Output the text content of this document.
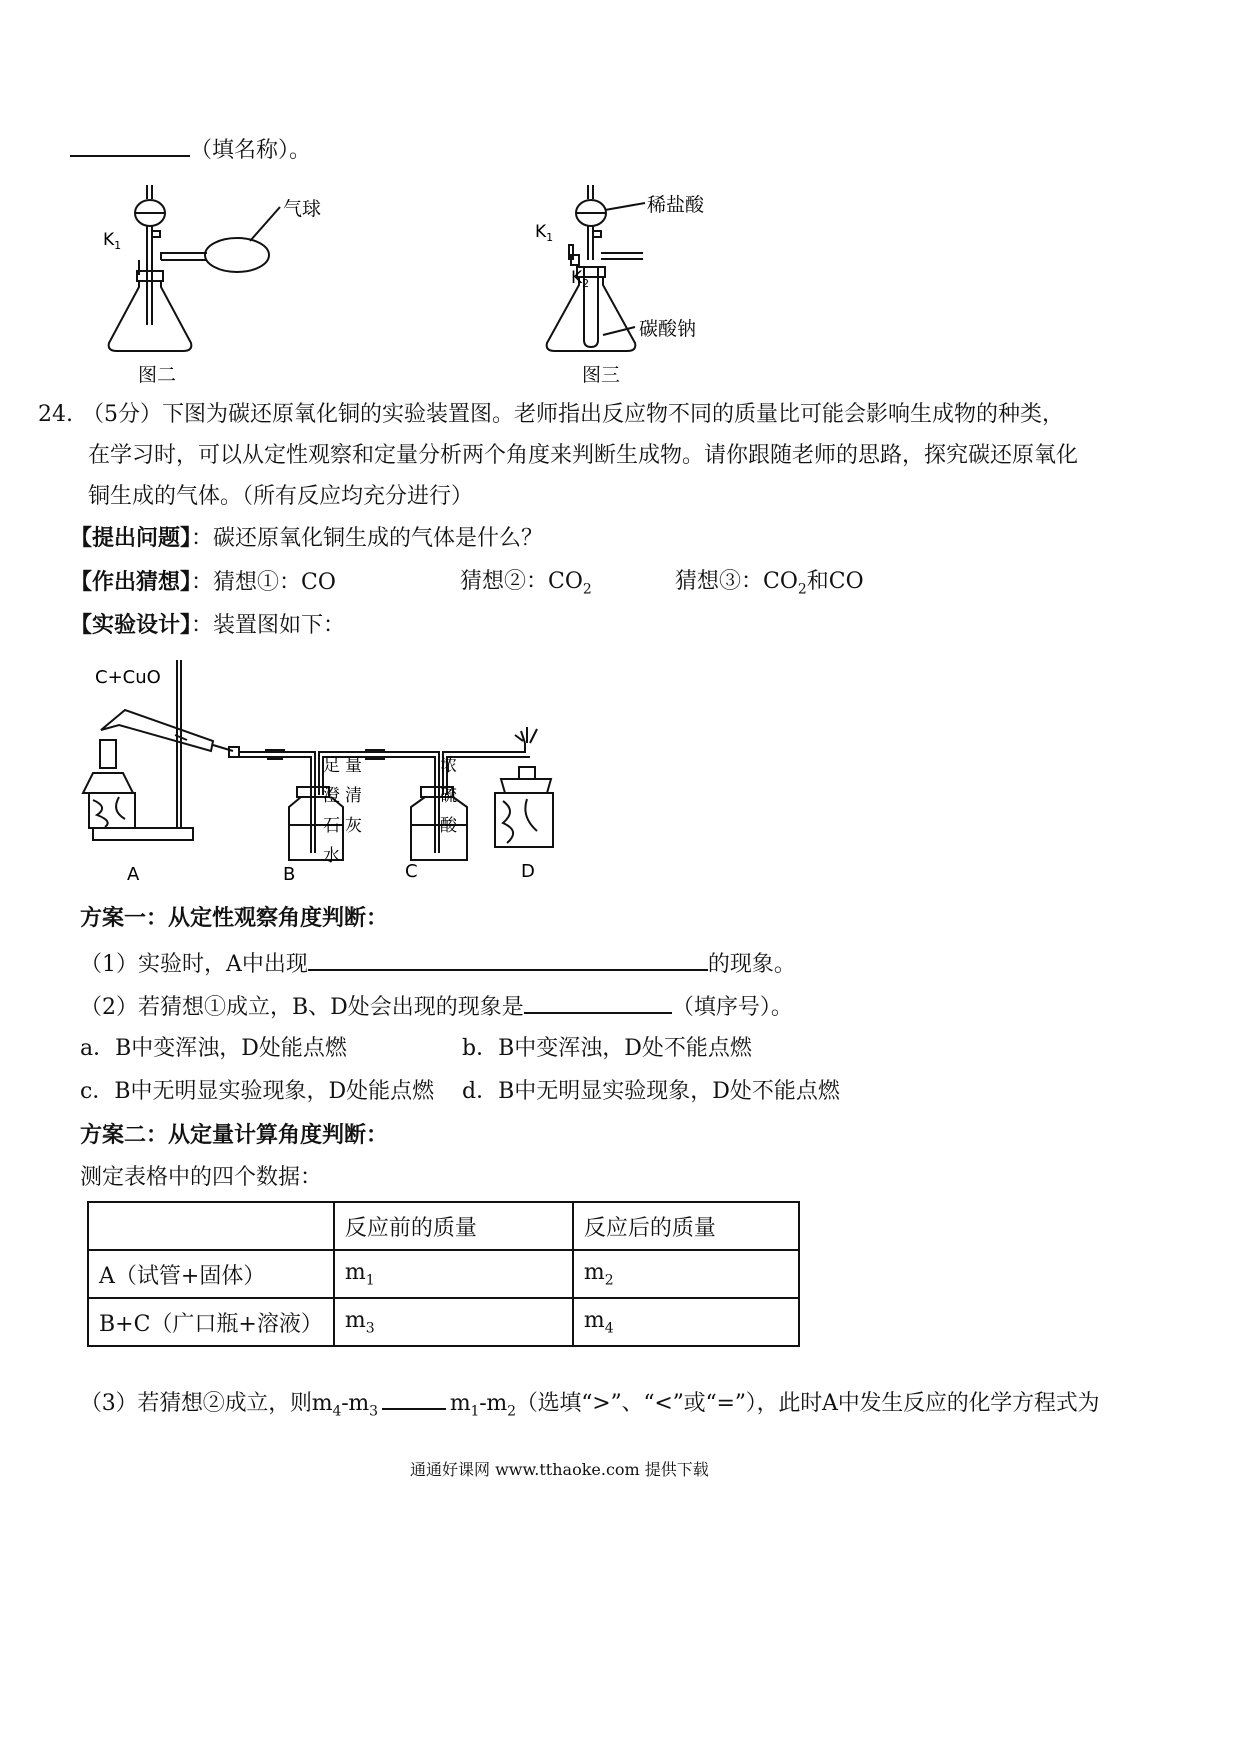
（填名称）。
$K_1$
气球
图二
$K_1$
$K_2$
稀盐酸
碳酸钠
图三
24. （5分）下图为碳还原氧化铜的实验装置图。老师指出反应物不同的质量比可能会影响生成物的种类，
在学习时，可以从定性观察和定量分析两个角度来判断生成物。请你跟随老师的思路，探究碳还原氧化
铜生成的气体。（所有反应均充分进行）
【提出问题】：碳还原氧化铜生成的气体是什么？
【作出猜想】：猜想①：CO	猜想②：$CO_2$	猜想③：$CO_2$和CO
【实验设计】：装置图如下：
C+CuO
足 量
澄 清
石 灰
水
浓
硫
酸
A	B	C	D
方案一：从定性观察角度判断：
（1）实验时，A中出现	的现象。
（2）若猜想①成立，B、D处会出现的现象是	（填序号）。
a．B中变浑浊，D处能点燃	b．B中变浑浊，D处不能点燃
c．B中无明显实验现象，D处能点燃 d．B中无明显实验现象，D处不能点燃
方案二：从定量计算角度判断：
测定表格中的四个数据：
	反应前的质量	反应后的质量
A（试管+固体）	$m_1$	$m_2$
B+C（广口瓶+溶液）	$m_3$	$m_4$
（3）若猜想②成立，则$m_4-m_3$	$m_1-m_2$（选填“>”、“<”或“=”），此时A中发生反应的化学方程式为
通通好课网 www.tthaoke.com 提供下载
